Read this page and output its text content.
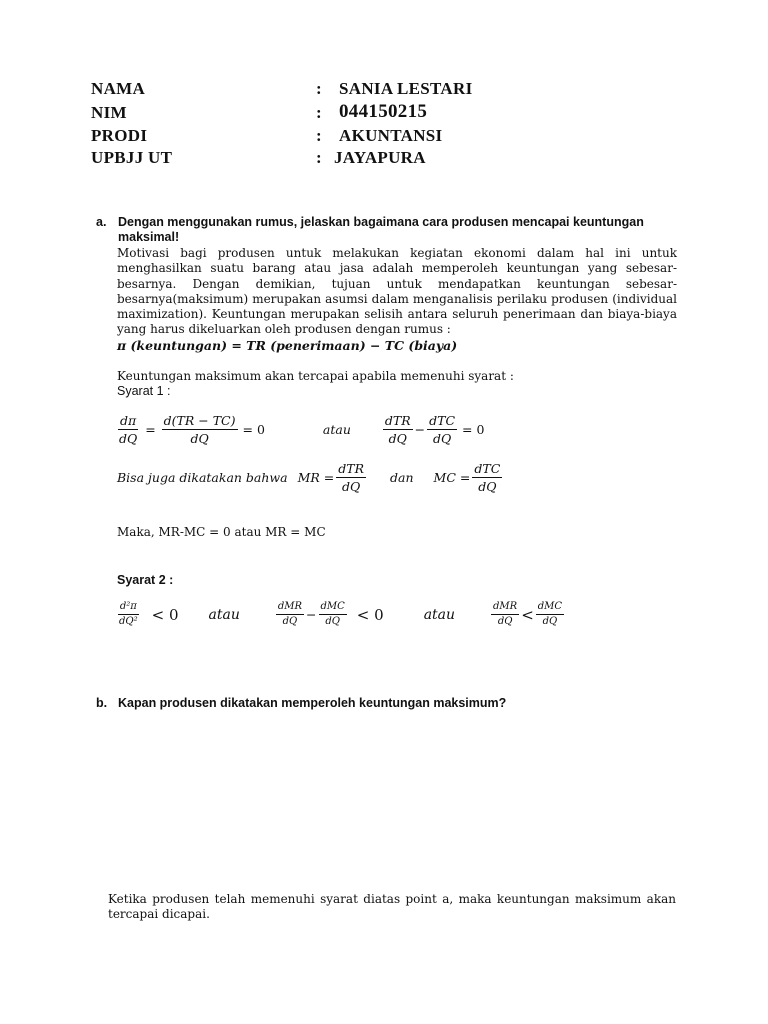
NAMA	: SANIA LESTARI
NIM	: 044150215
PRODI	: AKUNTANSI
UPBJJ UT	: JAYAPURA
a. Dengan menggunakan rumus, jelaskan bagaimana cara produsen mencapai keuntungan maksimal!
Motivasi bagi produsen untuk melakukan kegiatan ekonomi dalam hal ini untuk menghasilkan suatu barang atau jasa adalah memperoleh keuntungan yang sebesar-besarnya. Dengan demikian, tujuan untuk mendapatkan keuntungan sebesar-besarnya(maksimum) merupakan asumsi dalam menganalisis perilaku produsen (individual maximization). Keuntungan merupakan selisih antara seluruh penerimaan dan biaya-biaya yang harus dikeluarkan oleh produsen dengan rumus :
π (keuntungan) = TR (penerimaan) − TC (biaya)
Keuntungan maksimum akan tercapai apabila memenuhi syarat :
Syarat 1 :
$\frac{d\pi}{dQ} = \frac{d(TR - TC)}{dQ} = 0$	atau	$\frac{\text{dTR}}{dQ} - \frac{\text{dTC}}{dQ} = 0$
Bisa juga dikatakan bahwa MR = $\frac{\text{dTR}}{dQ}$ dan MC = $\frac{\text{dTC}}{dQ}$
Maka, MR-MC = 0 atau MR = MC
Syarat 2 :
$\frac{\text{d²π}}{\text{dQ²}} < 0$ atau	$\frac{\text{dMR}}{dQ} - \frac{\text{dMC}}{dQ} < 0$	atau	$\frac{\text{dMR}}{dQ} < \frac{\text{dMC}}{dQ}$
b. Kapan produsen dikatakan memperoleh keuntungan maksimum?
Ketika produsen telah memenuhi syarat diatas point a, maka keuntungan maksimum akan tercapai dicapai.
